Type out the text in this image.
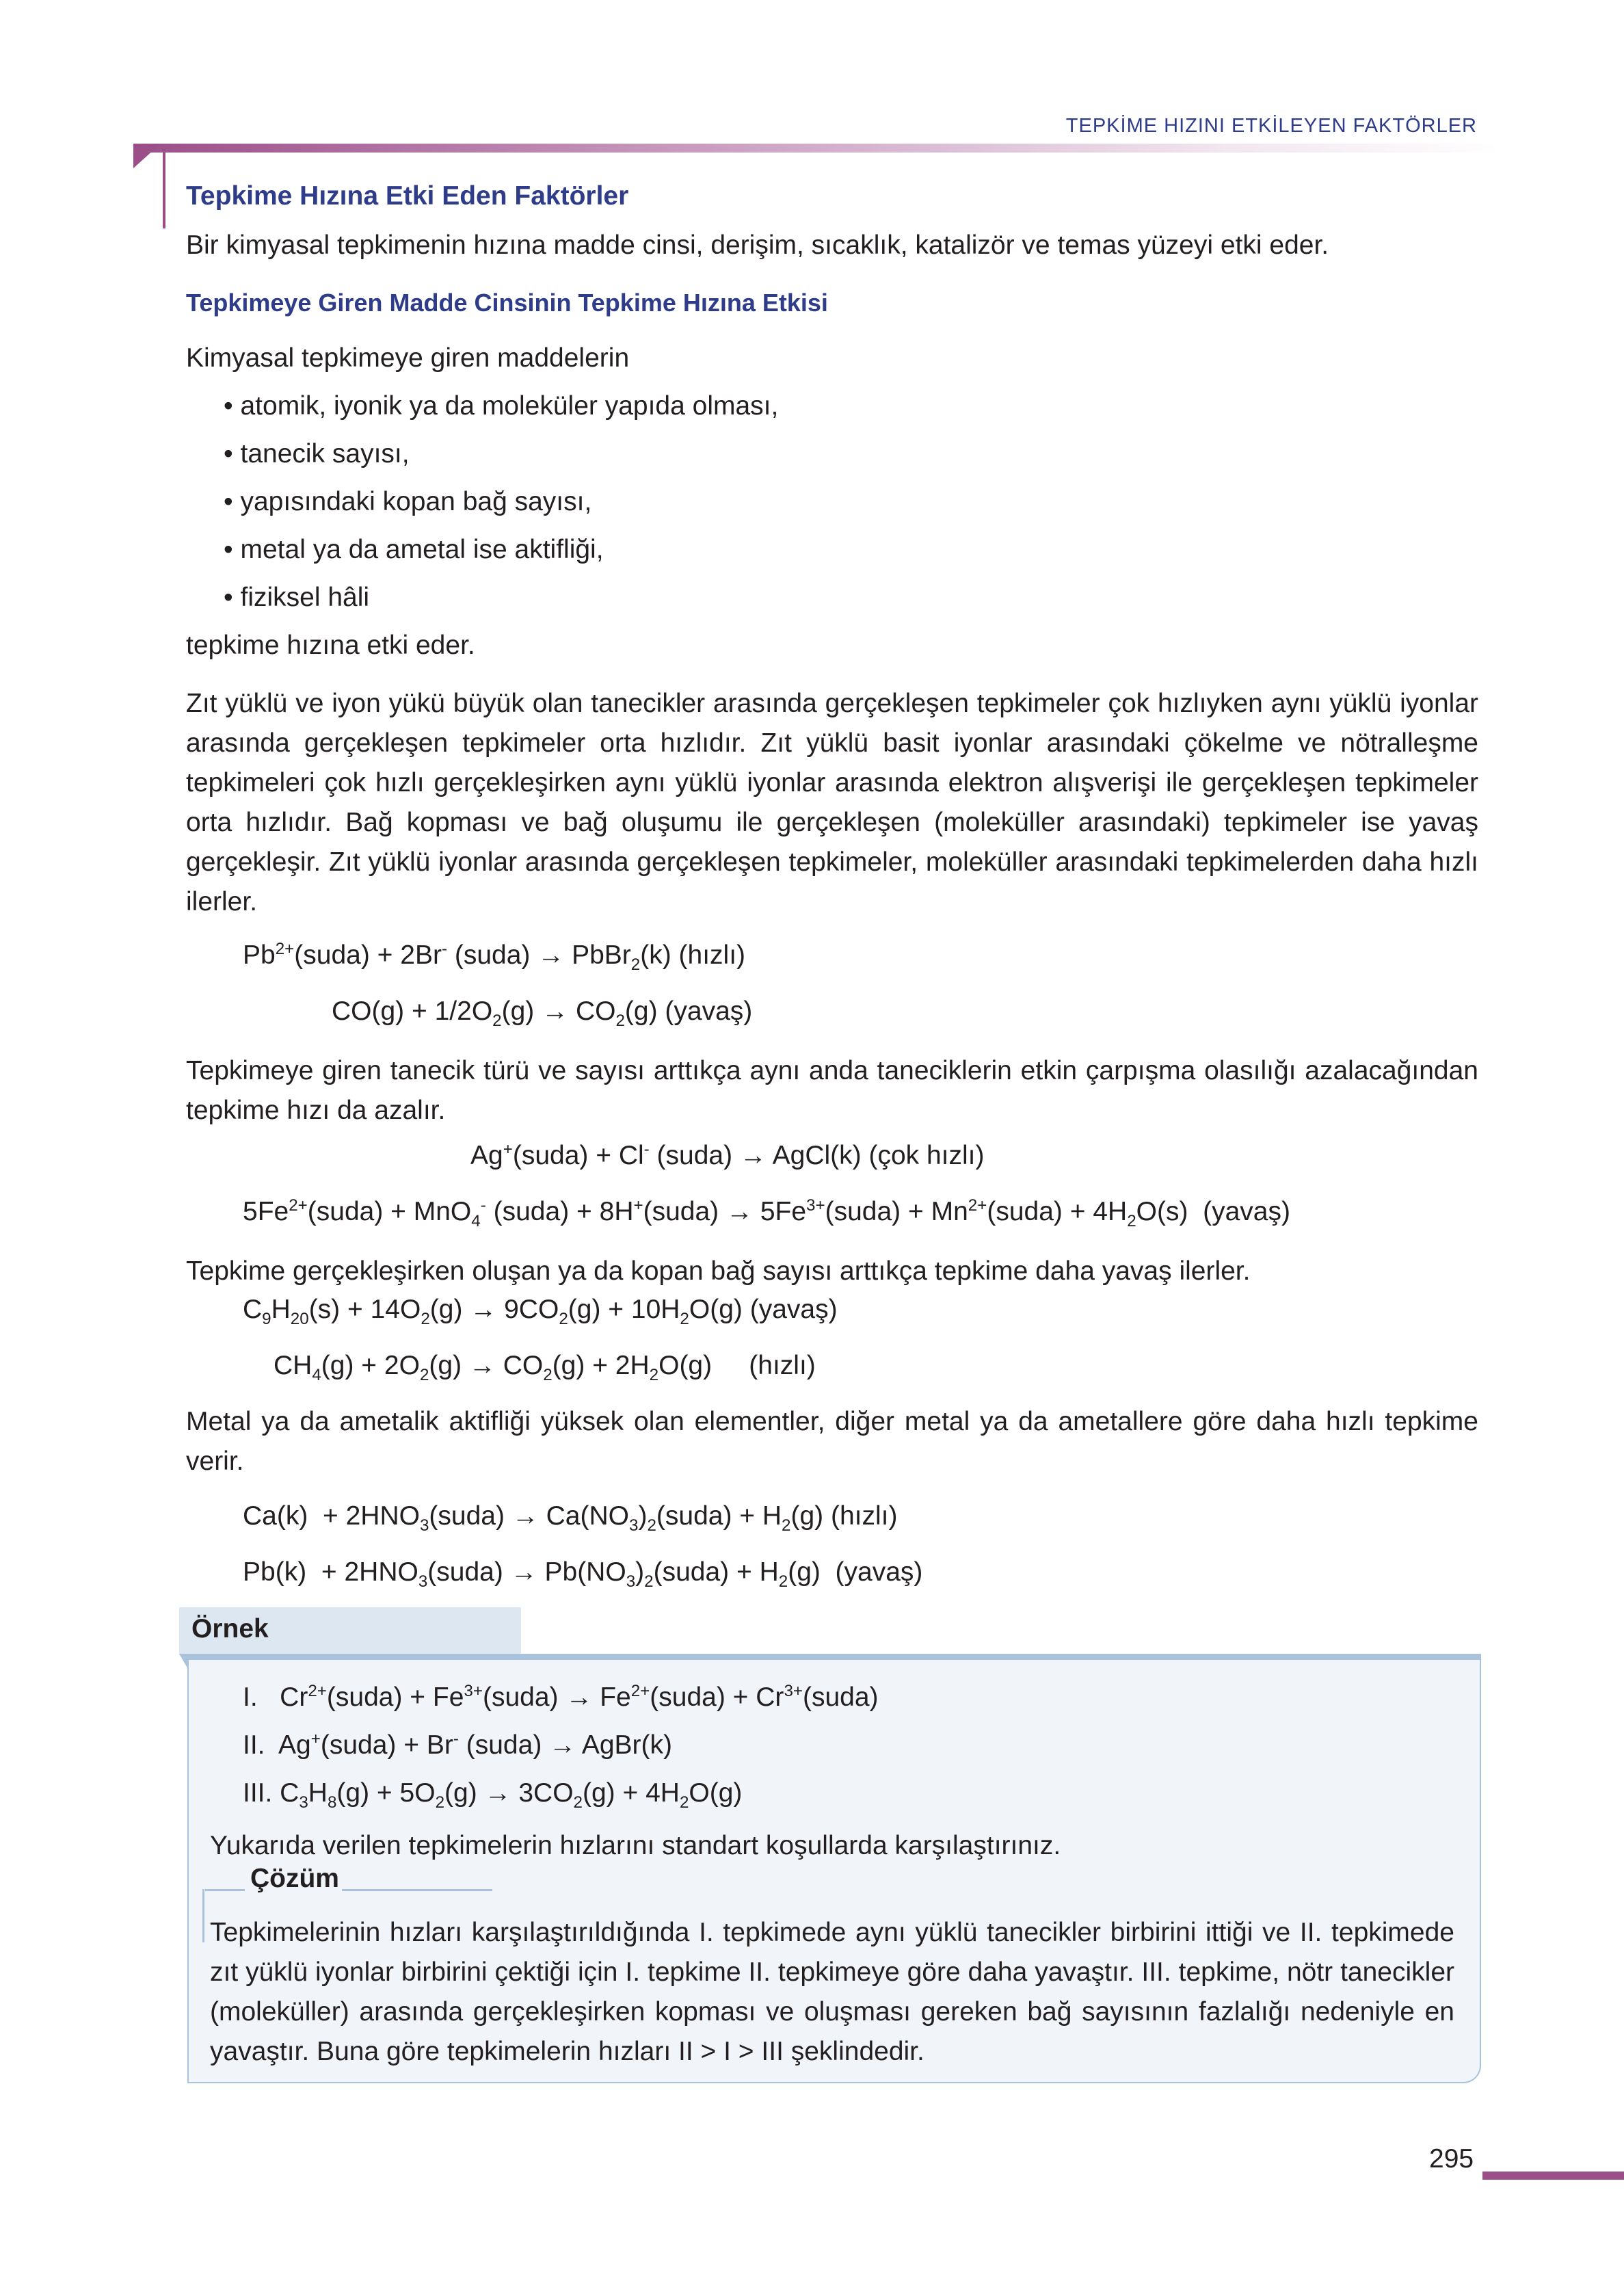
TEPKİME HIZINI ETKİLEYEN FAKTÖRLER
Tepkime Hızına Etki Eden Faktörler
Bir kimyasal tepkimenin hızına madde cinsi, derişim, sıcaklık, katalizör ve temas yüzeyi etki eder.
Tepkimeye Giren Madde Cinsinin Tepkime Hızına Etkisi
Kimyasal tepkimeye giren maddelerin
• atomik, iyonik ya da moleküler yapıda olması,
• tanecik sayısı,
• yapısındaki kopan bağ sayısı,
• metal ya da ametal ise aktifliği,
• fiziksel hâli
tepkime hızına etki eder.
Zıt yüklü ve iyon yükü büyük olan tanecikler arasında gerçekleşen tepkimeler çok hızlıyken aynı yüklü iyonlar arasında gerçekleşen tepkimeler orta hızlıdır. Zıt yüklü basit iyonlar arasındaki çökelme ve nötralleşme tepkimeleri çok hızlı gerçekleşirken aynı yüklü iyonlar arasında elektron alışverişi ile gerçekleşen tepkimeler orta hızlıdır. Bağ kopması ve bağ oluşumu ile gerçekleşen (moleküller arasındaki) tepkimeler ise yavaş gerçekleşir. Zıt yüklü iyonlar arasında gerçekleşen tepkimeler, moleküller arasındaki tepkimelerden daha hızlı ilerler.
$Pb^{2+}(suda) + 2Br^-$ (suda) → PbBr$_2$(k) (hızlı)
$CO(g) + 1/2O_2(g) \to CO_2(g)$ (yavaş)
Tepkimeye giren tanecik türü ve sayısı arttıkça aynı anda taneciklerin etkin çarpışma olasılığı azalacağından tepkime hızı da azalır.
Ag+(suda) + Cl- (suda) → AgCl(k) (çok hızlı)
$5Fe^{2+}(suda) + MnO_4^-$ (suda) + 8H+(suda) → $5Fe^{3+}(suda)$ + $Mn^{2+}(suda) + 4H_2O(s)$  (yavaş)
Tepkime gerçekleşirken oluşan ya da kopan bağ sayısı arttıkça tepkime daha yavaş ilerler.
$C_9H_{20}(s) + 14O_2(g) \to 9CO_2(g) + 10H_2O(g)$ (yavaş)
$CH_4(g) + 2O_2(g) \to CO_2(g) + 2H_2O(g)$     (hızlı)
Metal ya da ametalik aktifliği yüksek olan elementler, diğer metal ya da ametallere göre daha hızlı tepkime verir.
$Ca(k) + 2HNO_3(suda)$ → $Ca(NO_3)_2(suda) + H_2(g)$ (hızlı)
$Pb(k) + 2HNO_3(suda)$ → $Pb(NO_3)_2(suda) + H_2(g)$  (yavaş)
Örnek
I.   $Cr^{2+}(suda)$ + $Fe^{3+}(suda)$ → $Fe^{2+}(suda)$ + $Cr^{3+}(suda)$
II.  Ag+(suda) + Br- (suda) → AgBr(k)
III. $C_3H_8(g) + 5O_2(g) \to 3CO_2(g) + 4H_2O(g)$
Yukarıda verilen tepkimelerin hızlarını standart koşullarda karşılaştırınız.
Çözüm
Tepkimelerinin hızları karşılaştırıldığında I. tepkimede aynı yüklü tanecikler birbirini ittiği ve II. tepkimede zıt yüklü iyonlar birbirini çektiği için I. tepkime II. tepkimeye göre daha yavaştır. III. tepkime, nötr tanecikler (moleküller) arasında gerçekleşirken kopması ve oluşması gereken bağ sayısının fazlalığı nedeniyle en yavaştır. Buna göre tepkimelerin hızları II > I > III şeklindedir.
295
